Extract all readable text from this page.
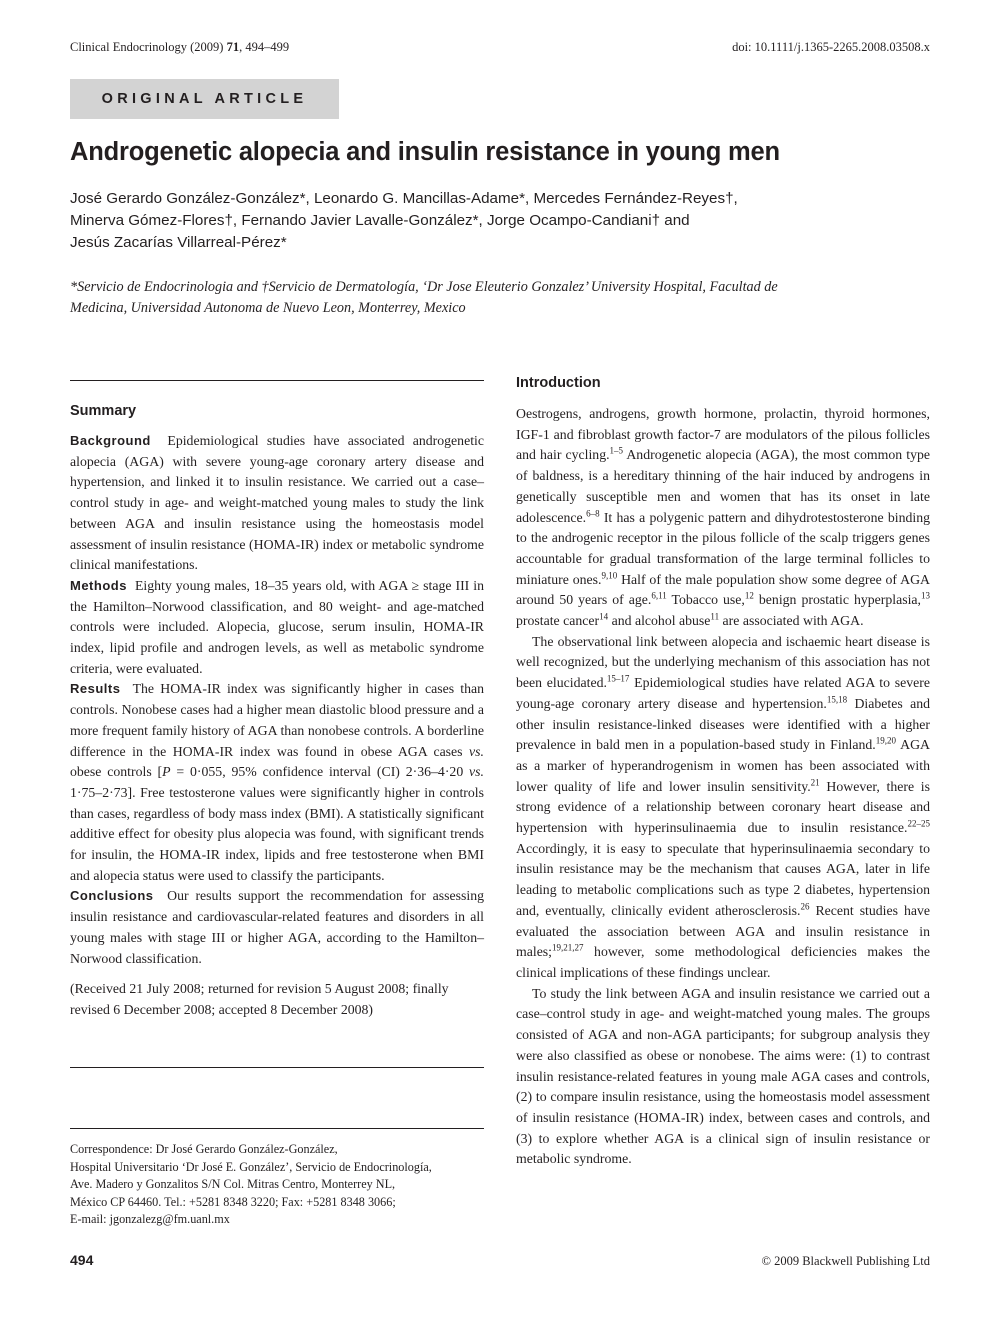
Clinical Endocrinology (2009) 71, 494–499	doi: 10.1111/j.1365-2265.2008.03508.x
ORIGINAL ARTICLE
Androgenetic alopecia and insulin resistance in young men
José Gerardo González-González*, Leonardo G. Mancillas-Adame*, Mercedes Fernández-Reyes†,
Minerva Gómez-Flores†, Fernando Javier Lavalle-González*, Jorge Ocampo-Candiani† and
Jesús Zacarías Villarreal-Pérez*
*Servicio de Endocrinologia and †Servicio de Dermatología, ‘Dr Jose Eleuterio Gonzalez’ University Hospital, Facultad de
Medicina, Universidad Autonoma de Nuevo Leon, Monterrey, Mexico
Summary

Background Epidemiological studies have associated androgenetic alopecia (AGA) with severe young-age coronary artery disease and hypertension, and linked it to insulin resistance. We carried out a case–control study in age- and weight-matched young males to study the link between AGA and insulin resistance using the homeostasis model assessment of insulin resistance (HOMA-IR) index or metabolic syndrome clinical manifestations.

Methods Eighty young males, 18–35 years old, with AGA ≥ stage III in the Hamilton–Norwood classification, and 80 weight- and age-matched controls were included. Alopecia, glucose, serum insulin, HOMA-IR index, lipid profile and androgen levels, as well as metabolic syndrome criteria, were evaluated.

Results The HOMA-IR index was significantly higher in cases than controls. Nonobese cases had a higher mean diastolic blood pressure and a more frequent family history of AGA than nonobese controls. A borderline difference in the HOMA-IR index was found in obese AGA cases vs. obese controls [P = 0·055, 95% confidence interval (CI) 2·36–4·20 vs. 1·75–2·73]. Free testosterone values were significantly higher in controls than cases, regardless of body mass index (BMI). A statistically significant additive effect for obesity plus alopecia was found, with significant trends for insulin, the HOMA-IR index, lipids and free testosterone when BMI and alopecia status were used to classify the participants.

Conclusions Our results support the recommendation for assessing insulin resistance and cardiovascular-related features and disorders in all young males with stage III or higher AGA, according to the Hamilton–Norwood classification.

(Received 21 July 2008; returned for revision 5 August 2008; finally revised 6 December 2008; accepted 8 December 2008)

Correspondence: Dr José Gerardo González-González,
Hospital Universitario ‘Dr José E. González’, Servicio de Endocrinología,
Ave. Madero y Gonzalitos S/N Col. Mitras Centro, Monterrey NL,
México CP 64460. Tel.: +5281 8348 3220; Fax: +5281 8348 3066;
E-mail: jgonzalezg@fm.uanl.mx
Introduction

Oestrogens, androgens, growth hormone, prolactin, thyroid hormones, IGF-1 and fibroblast growth factor-7 are modulators of the pilous follicles and hair cycling.$^{1-5}$ Androgenetic alopecia (AGA), the most common type of baldness, is a hereditary thinning of the hair induced by androgens in genetically susceptible men and women that has its onset in late adolescence.$^{6-8}$ It has a polygenic pattern and dihydrotestosterone binding to the androgenic receptor in the pilous follicle of the scalp triggers genes accountable for gradual transformation of the large terminal follicles to miniature ones.$^{9,10}$ Half of the male population show some degree of AGA around 50 years of age.$^{6,11}$ Tobacco use,$^{12}$ benign prostatic hyperplasia,$^{13}$ prostate cancer$^{14}$ and alcohol abuse$^{11}$ are associated with AGA.

The observational link between alopecia and ischaemic heart disease is well recognized, but the underlying mechanism of this association has not been elucidated.$^{15-17}$ Epidemiological studies have related AGA to severe young-age coronary artery disease and hypertension.$^{15,18}$ Diabetes and other insulin resistance-linked diseases were identified with a higher prevalence in bald men in a population-based study in Finland.$^{19,20}$ AGA as a marker of hyperandrogenism in women has been associated with lower quality of life and lower insulin sensitivity.$^{21}$ However, there is strong evidence of a relationship between coronary heart disease and hypertension with hyperinsulinaemia due to insulin resistance.$^{22-25}$ Accordingly, it is easy to speculate that hyperinsulinaemia secondary to insulin resistance may be the mechanism that causes AGA, later in life leading to metabolic complications such as type 2 diabetes, hypertension and, eventually, clinically evident atherosclerosis.$^{26}$ Recent studies have evaluated the association between AGA and insulin resistance in males;$^{19,21,27}$ however, some methodological deficiencies makes the clinical implications of these findings unclear.

To study the link between AGA and insulin resistance we carried out a case–control study in age- and weight-matched young males. The groups consisted of AGA and non-AGA participants; for subgroup analysis they were also classified as obese or nonobese. The aims were: (1) to contrast insulin resistance-related features in young male AGA cases and controls, (2) to compare insulin resistance, using the homeostasis model assessment of insulin resistance (HOMA-IR) index, between cases and controls, and (3) to explore whether AGA is a clinical sign of insulin resistance or metabolic syndrome.

494	© 2009 Blackwell Publishing Ltd
